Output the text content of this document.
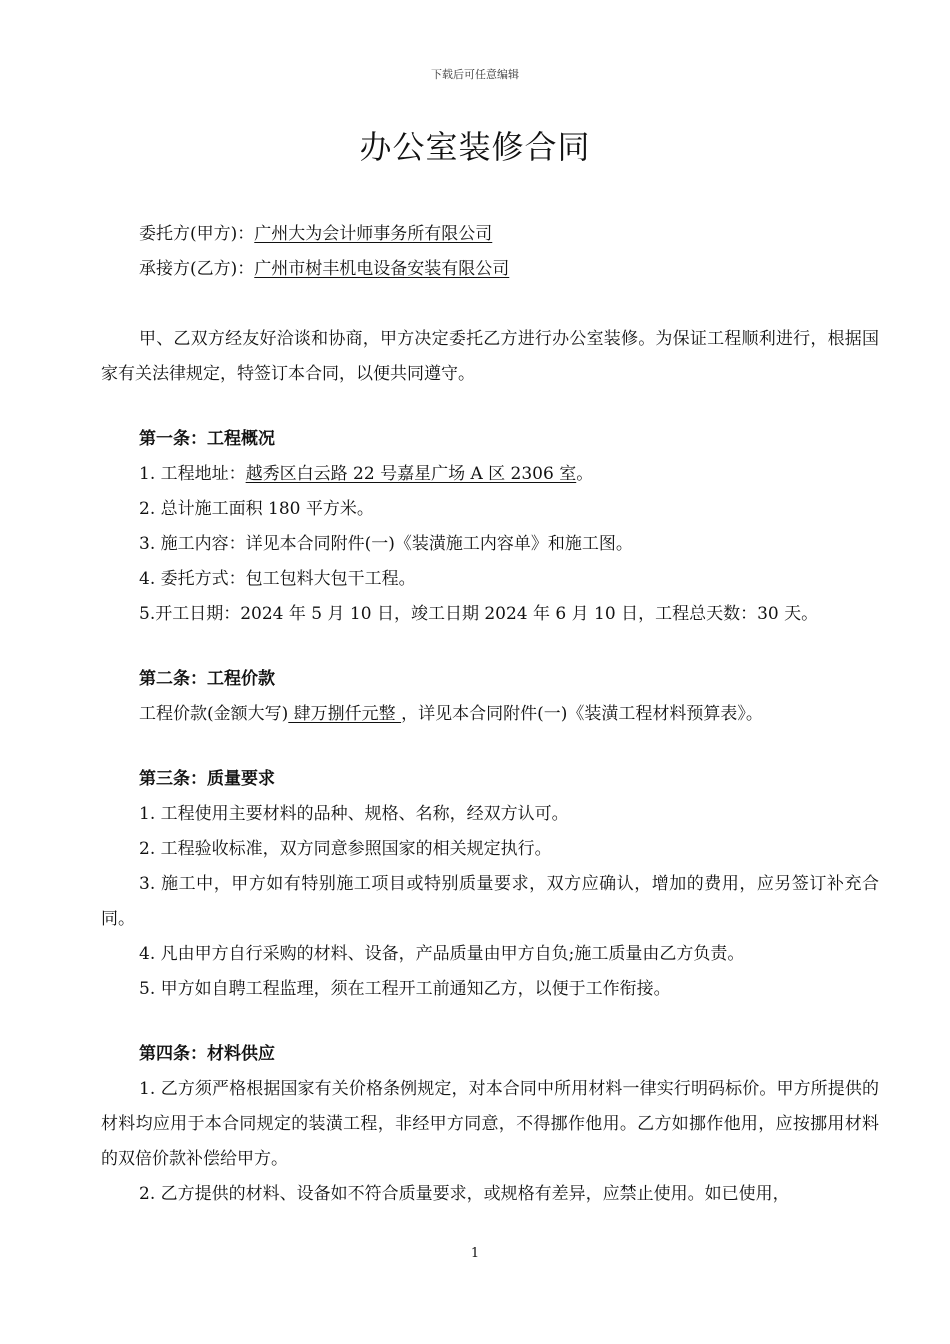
下载后可任意编辑
办公室装修合同
委托方(甲方)：广州大为会计师事务所有限公司
承接方(乙方)：广州市树丰机电设备安装有限公司
甲、乙双方经友好洽谈和协商，甲方决定委托乙方进行办公室装修。为保证工程顺利进行，根据国家有关法律规定，特签订本合同，以便共同遵守。
第一条：工程概况
1. 工程地址：越秀区白云路 22 号嘉星广场 A 区 2306 室。
2. 总计施工面积 180 平方米。
3. 施工内容：详见本合同附件(一)《装潢施工内容单》和施工图。
4. 委托方式：包工包料大包干工程。
5.开工日期：2024 年 5 月 10 日，竣工日期 2024 年 6 月 10 日，工程总天数：30 天。
第二条：工程价款
工程价款(金额大写) 肆万捌仟元整 ，详见本合同附件(一)《装潢工程材料预算表》。
第三条：质量要求
1. 工程使用主要材料的品种、规格、名称，经双方认可。
2. 工程验收标准，双方同意参照国家的相关规定执行。
3. 施工中，甲方如有特别施工项目或特别质量要求，双方应确认，增加的费用，应另签订补充合同。
4. 凡由甲方自行采购的材料、设备，产品质量由甲方自负;施工质量由乙方负责。
5. 甲方如自聘工程监理，须在工程开工前通知乙方，以便于工作衔接。
第四条：材料供应
1. 乙方须严格根据国家有关价格条例规定，对本合同中所用材料一律实行明码标价。甲方所提供的材料均应用于本合同规定的装潢工程，非经甲方同意，不得挪作他用。乙方如挪作他用，应按挪用材料的双倍价款补偿给甲方。
2. 乙方提供的材料、设备如不符合质量要求，或规格有差异，应禁止使用。如已使用，
1
